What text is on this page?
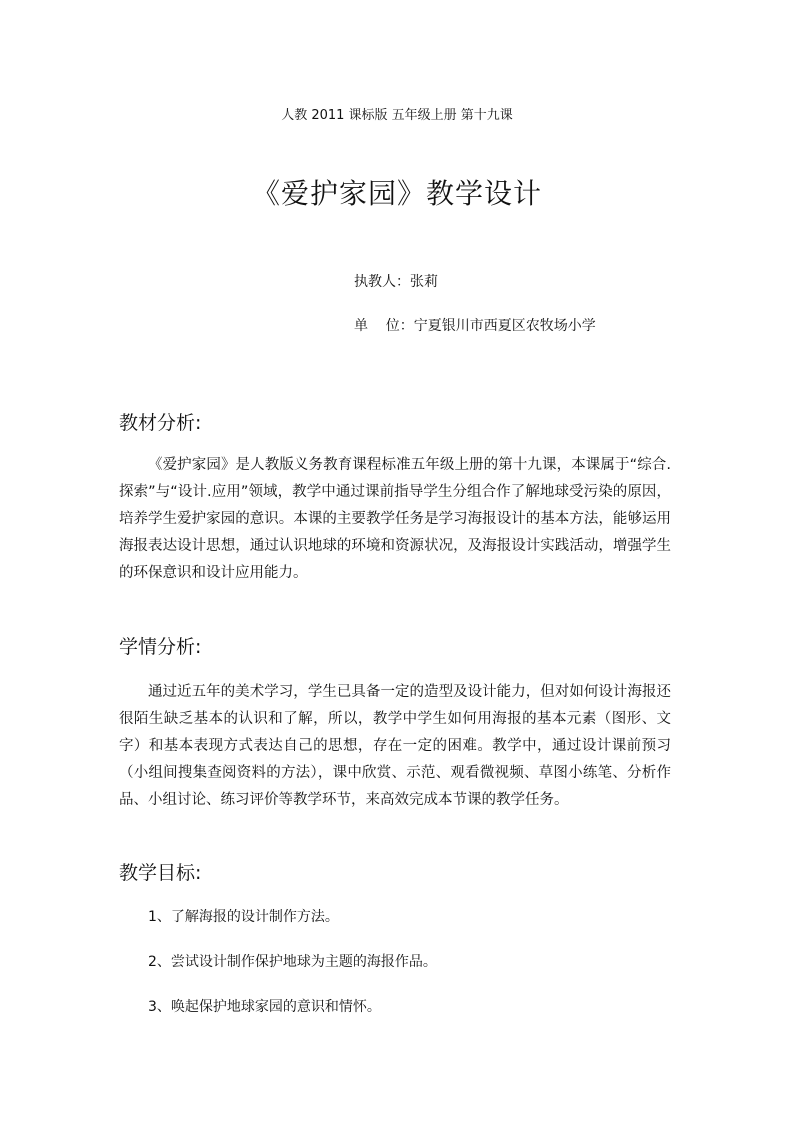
人教 2011 课标版 五年级上册 第十九课
《爱护家园》教学设计
执教人：张莉
单    位：宁夏银川市西夏区农牧场小学
教材分析:

《爱护家园》是人教版义务教育课程标准五年级上册的第十九课，本课属于“综合.探索”与“设计.应用”领域，教学中通过课前指导学生分组合作了解地球受污染的原因，培养学生爱护家园的意识。本课的主要教学任务是学习海报设计的基本方法，能够运用海报表达设计思想，通过认识地球的环境和资源状况，及海报设计实践活动，增强学生的环保意识和设计应用能力。

学情分析:

通过近五年的美术学习，学生已具备一定的造型及设计能力，但对如何设计海报还很陌生缺乏基本的认识和了解，所以，教学中学生如何用海报的基本元素（图形、文字）和基本表现方式表达自己的思想，存在一定的困难。教学中，通过设计课前预习（小组间搜集查阅资料的方法），课中欣赏、示范、观看微视频、草图小练笔、分析作品、小组讨论、练习评价等教学环节，来高效完成本节课的教学任务。

教学目标:
1、了解海报的设计制作方法。
2、尝试设计制作保护地球为主题的海报作品。
3、唤起保护地球家园的意识和情怀。
